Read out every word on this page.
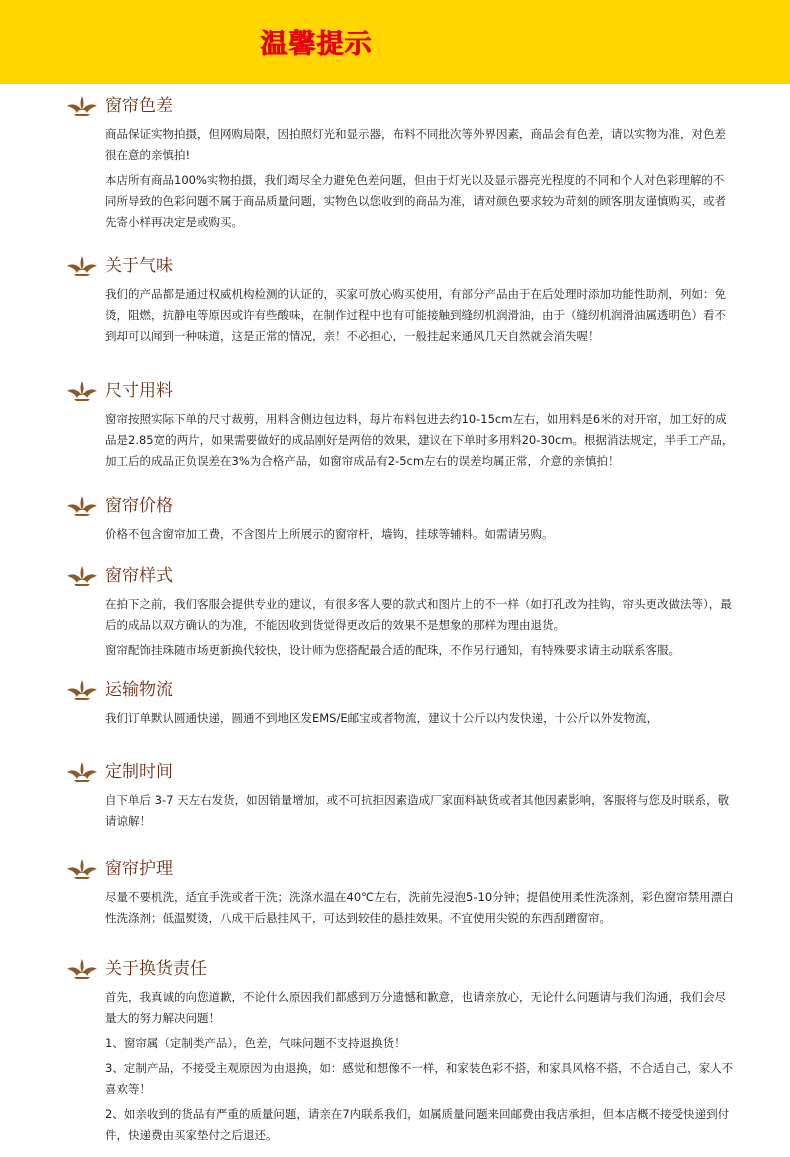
温馨提示
窗帘色差

商品保证实物拍摄，但网购局限，因拍照灯光和显示器，布料不同批次等外界因素，商品会有色差，请以实物为准，对色差很在意的亲慎拍!

本店所有商品100%实物拍摄，我们竭尽全力避免色差问题，但由于灯光以及显示器亮光程度的不同和个人对色彩理解的不同所导致的色彩问题不属于商品质量问题，实物色以您收到的商品为准，请对颜色要求较为苛刻的顾客朋友谨慎购买，或者先寄小样再决定是或购买。

关于气味

我们的产品都是通过权威机构检测的认证的，买家可放心购买使用，有部分产品由于在后处理时添加功能性助剂，列如：免烫，阻燃，抗静电等原因或许有些酸味，在制作过程中也有可能接触到缝纫机润滑油，由于（缝纫机润滑油属透明色）看不到却可以闻到一种味道，这是正常的情况，亲！不必担心，一般挂起来通风几天自然就会消失喔！

尺寸用料

窗帘按照实际下单的尺寸裁剪，用料含侧边包边料，每片布料包进去约10-15cm左右，如用料是6米的对开帘，加工好的成品是2.85宽的两片，如果需要做好的成品刚好是两倍的效果，建议在下单时多用料20-30cm。根据消法规定，半手工产品，加工后的成品正负误差在3%为合格产品，如窗帘成品有2-5cm左右的误差均属正常，介意的亲慎拍！

窗帘价格

价格不包含窗帘加工费，不含图片上所展示的窗帘杆，墙钩，挂球等辅料。如需请另购。

窗帘样式

在拍下之前，我们客服会提供专业的建议，有很多客人要的款式和图片上的不一样（如打孔改为挂钩，帘头更改做法等），最后的成品以双方确认的为准，不能因收到货觉得更改后的效果不是想象的那样为理由退货。

窗帘配饰挂珠随市场更新换代较快，设计师为您搭配最合适的配珠，不作另行通知，有特殊要求请主动联系客服。

运输物流

我们订单默认圆通快递，圆通不到地区发EMS/E邮宝或者物流，建议十公斤以内发快递，十公斤以外发物流，

定制时间

自下单后 3-7 天左右发货，如因销量增加，或不可抗拒因素造成厂家面料缺货或者其他因素影响，客服将与您及时联系，敬请谅解！

窗帘护理

尽量不要机洗，适宜手洗或者干洗；洗涤水温在40℃左右，洗前先浸泡5-10分钟；提倡使用柔性洗涤剂，彩色窗帘禁用漂白性洗涤剂；低温熨烫，八成干后悬挂风干，可达到较佳的悬挂效果。不宜使用尖锐的东西刮蹭窗帘。

关于换货责任

首先，我真诚的向您道歉，不论什么原因我们都感到万分遗憾和歉意，也请亲放心，无论什么问题请与我们沟通，我们会尽量大的努力解决问题！

1、窗帘属（定制类产品），色差，气味问题不支持退换货！

3、定制产品，不接受主观原因为由退换，如：感觉和想像不一样，和家装色彩不搭，和家具风格不搭，不合适自己，家人不喜欢等！

2、如亲收到的货品有严重的质量问题，请亲在7内联系我们，如属质量问题来回邮费由我店承担，但本店概不接受快递到付件，快递费由买家垫付之后退还。
